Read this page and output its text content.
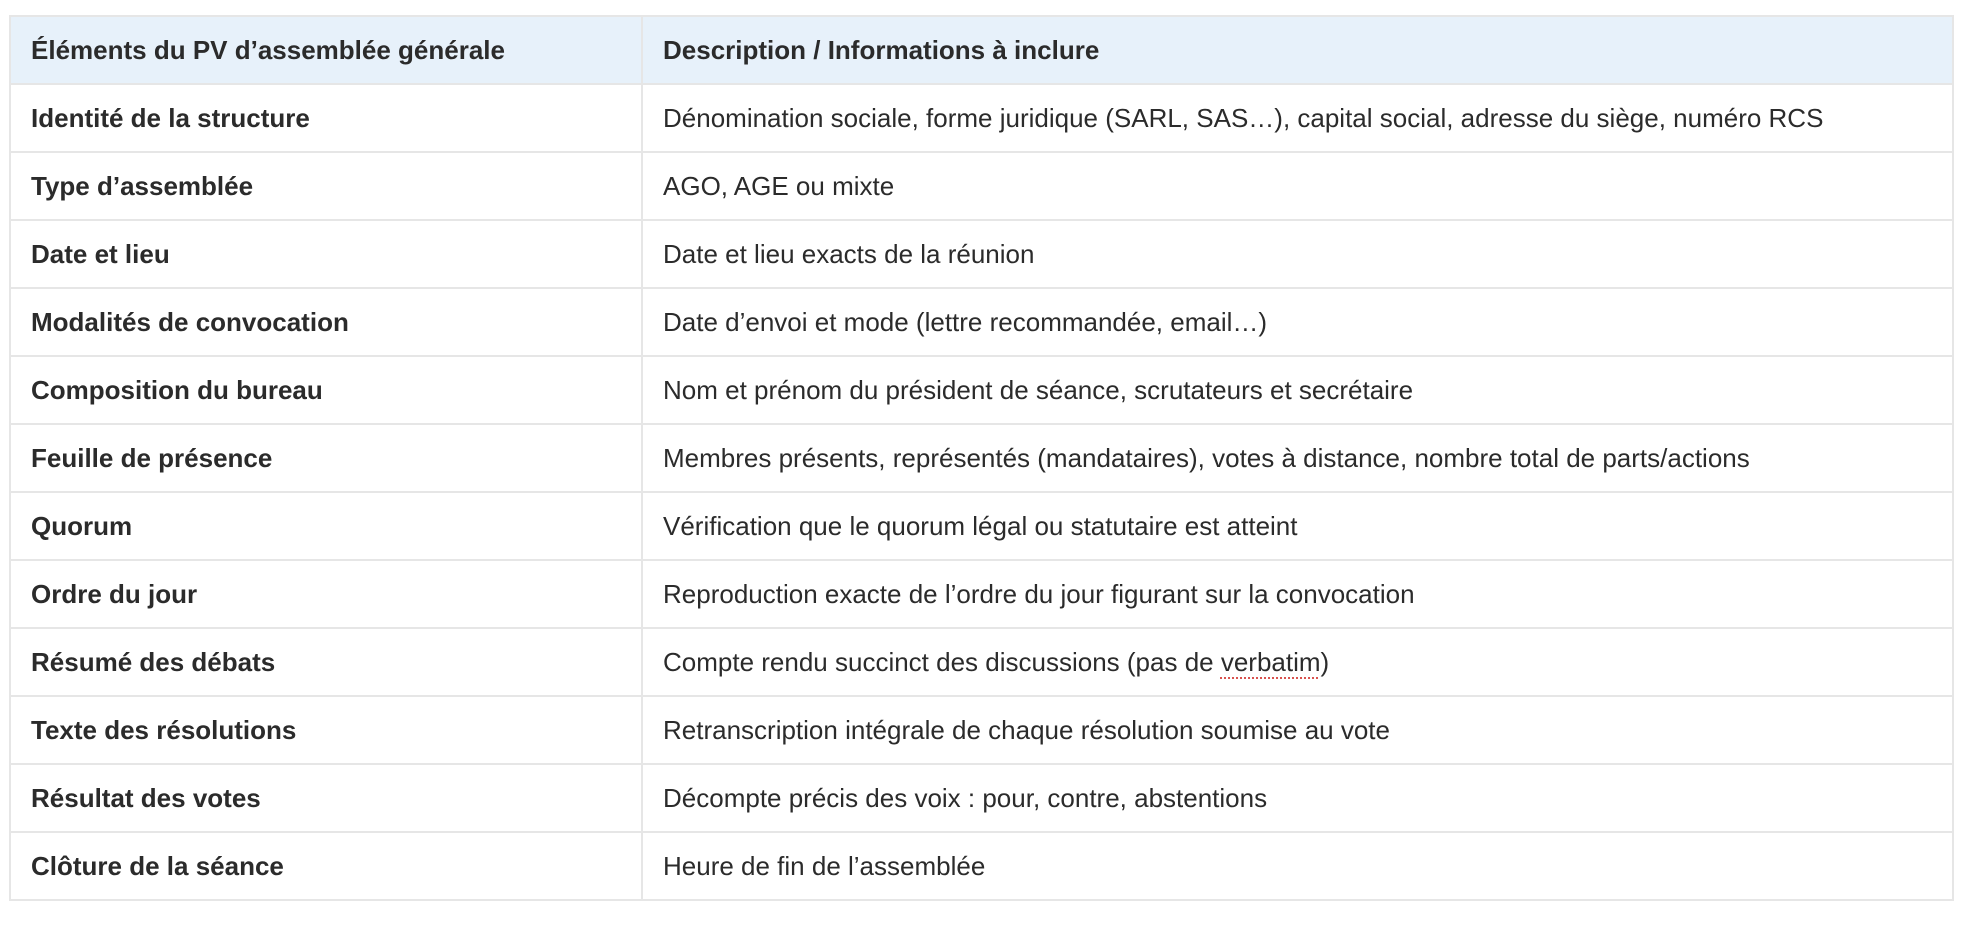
Éléments du PV d’assemblée générale	Description / Informations à inclure
Identité de la structure	Dénomination sociale, forme juridique (SARL, SAS…), capital social, adresse du siège, numéro RCS
Type d’assemblée	AGO, AGE ou mixte
Date et lieu	Date et lieu exacts de la réunion
Modalités de convocation	Date d’envoi et mode (lettre recommandée, email…)
Composition du bureau	Nom et prénom du président de séance, scrutateurs et secrétaire
Feuille de présence	Membres présents, représentés (mandataires), votes à distance, nombre total de parts/actions
Quorum	Vérification que le quorum légal ou statutaire est atteint
Ordre du jour	Reproduction exacte de l’ordre du jour figurant sur la convocation
Résumé des débats	Compte rendu succinct des discussions (pas de verbatim)
Texte des résolutions	Retranscription intégrale de chaque résolution soumise au vote
Résultat des votes	Décompte précis des voix : pour, contre, abstentions
Clôture de la séance	Heure de fin de l’assemblée
